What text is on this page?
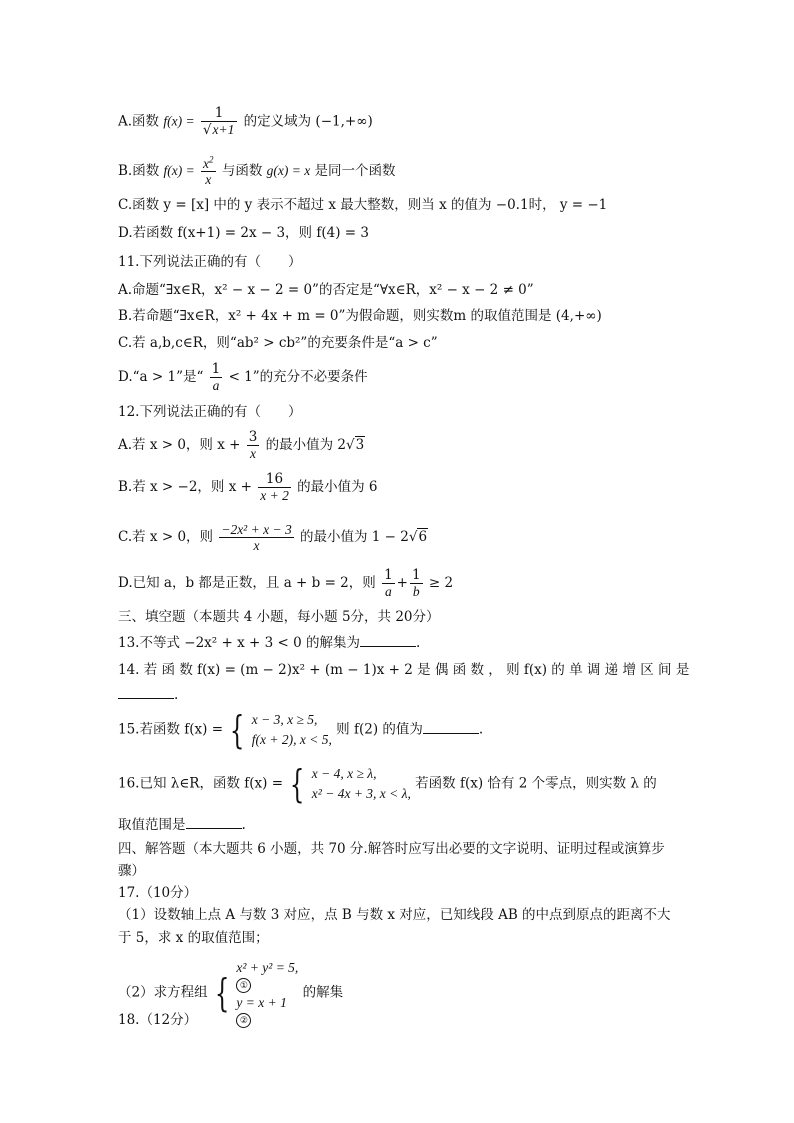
A.函数 $f(x) = \frac{1}{√x+1}$ 的定义域为 (−1,+∞)
B.函数 $f(x) = \frac{x^2}{x}$ 与函数 g(x) = x 是同一个函数
C.函数 y = [x] 中的 y 表示不超过 x 最大整数，则当 x 的值为 −0.1时， y = −1
D.若函数 f(x+1) = 2x − 3，则 f(4) = 3
11.下列说法正确的有（　　）
A.命题“∃x∈R，x² − x − 2 = 0”的否定是“∀x∈R，x² − x − 2 ≠ 0”
B.若命题“∃x∈R，x² + 4x + m = 0”为假命题，则实数m 的取值范围是 (4,+∞)
C.若 a,b,c∈R，则“ab² > cb²”的充要条件是“a > c”
D.“a > 1”是“ $\frac{1}{a} < 1$”的充分不必要条件
12.下列说法正确的有（　　）
A.若 x > 0，则 $x + \frac{3}{x}$ 的最小值为 2√3
B.若 x > −2，则 $x + \frac{16}{x + 2}$ 的最小值为 6
C.若 x > 0，则 $\frac{\text{−2x² + x − 3}}{x}$ 的最小值为 1 − 2√6
D.已知 a，b 都是正数，且 a + b = 2，则 $\frac{1}{a} + \frac{1}{b} \ge 2$
三、填空题（本题共 4 小题，每小题 5分，共 20分）
13.不等式 −2x² + x + 3 < 0 的解集为	.
14. 若 函 数 f(x) = (m − 2)x² + (m − 1)x + 2 是 偶 函 数 ， 则 f(x) 的 单 调 递 增 区 间 是
.
15.若函数 f(x) = { x − 3, x ≥ 5,
f(x + 2), x < 5,
则 f(2) 的值为	.
16.已知 λ∈R，函数 f(x) = { x − 4, x ≥ λ,
x² − 4x + 3, x < λ,
若函数 f(x) 恰有 2 个零点，则实数 λ 的
取值范围是	.
四、解答题（本大题共 6 小题，共 70 分.解答时应写出必要的文字说明、证明过程或演算步
骤）
17.（10分）
（1）设数轴上点 A 与数 3 对应，点 B 与数 x 对应，已知线段 AB 的中点到原点的距离不大
于 5，求 x 的取值范围；
（2）求方程组 {
x² + y² = 5,
①
y = x + 1
②
的解集
18.（12分）
